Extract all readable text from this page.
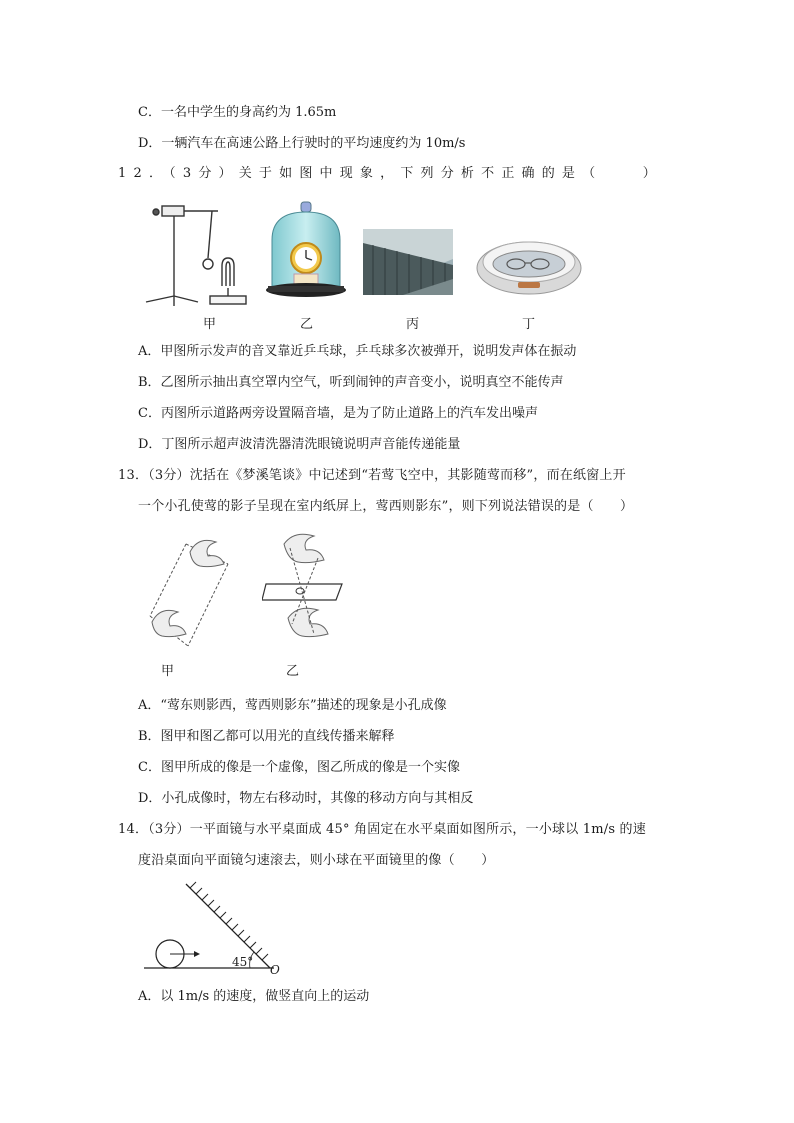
C．一名中学生的身高约为 1.65m
D．一辆汽车在高速公路上行驶时的平均速度约为 10m/s
12．（3分）关于如图中现象，下列分析不正确的是（　　）
甲	乙	丙	丁
A．甲图所示发声的音叉靠近乒乓球，乒乓球多次被弹开，说明发声体在振动
B．乙图所示抽出真空罩内空气，听到闹钟的声音变小，说明真空不能传声
C．丙图所示道路两旁设置隔音墙，是为了防止道路上的汽车发出噪声
D．丁图所示超声波清洗器清洗眼镜说明声音能传递能量
13．（3分）沈括在《梦溪笔谈》中记述到“若莺飞空中，其影随莺而移”，而在纸窗上开
一个小孔使莺的影子呈现在室内纸屏上，莺西则影东”，则下列说法错误的是（　　）
甲	乙
A．“莺东则影西，莺西则影东”描述的现象是小孔成像
B．图甲和图乙都可以用光的直线传播来解释
C．图甲所成的像是一个虚像，图乙所成的像是一个实像
D．小孔成像时，物左右移动时，其像的移动方向与其相反
14．（3分）一平面镜与水平桌面成 45° 角固定在水平桌面如图所示，一小球以 1m/s 的速
度沿桌面向平面镜匀速滚去，则小球在平面镜里的像（　　）
45°
O
A．以 1m/s 的速度，做竖直向上的运动
